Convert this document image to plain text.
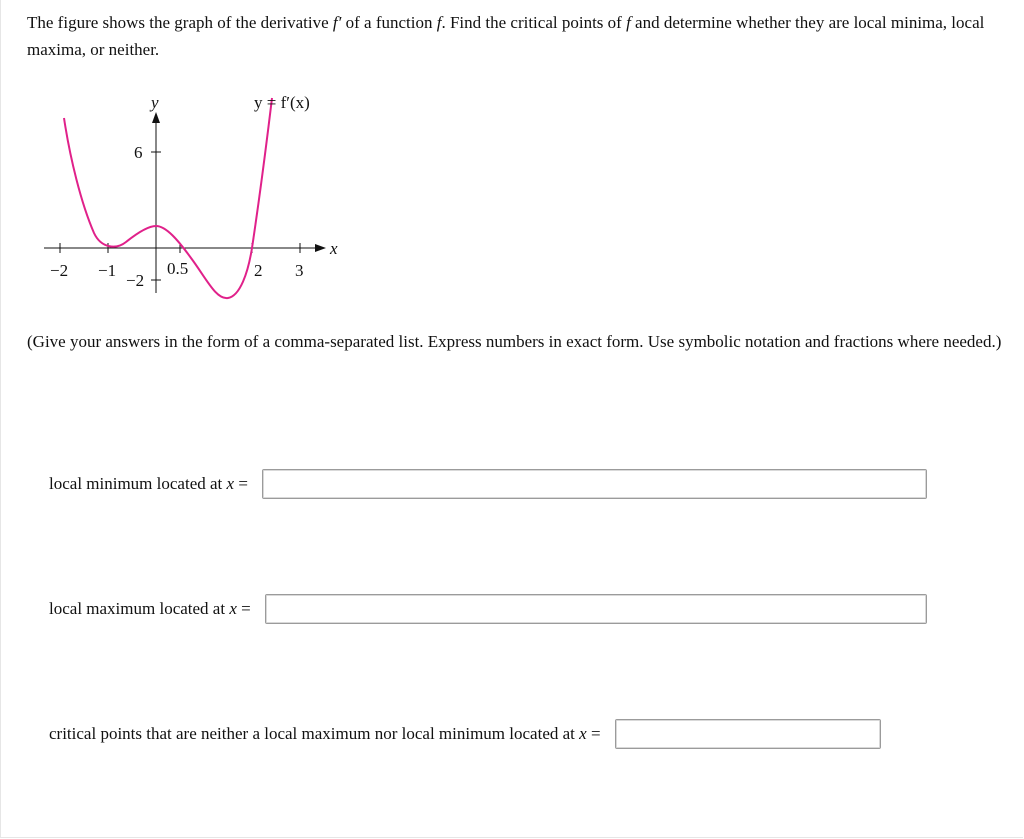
The figure shows the graph of the derivative f′ of a function f. Find the critical points of f and determine whether they are local minima, local maxima, or neither.
y
x
y = f′(x)
−2 −1	0.5	2 3
6
−2
(Give your answers in the form of a comma-separated list. Express numbers in exact form. Use symbolic notation and fractions where needed.)
local minimum located at x =
local maximum located at x =
critical points that are neither a local maximum nor local minimum located at x =
